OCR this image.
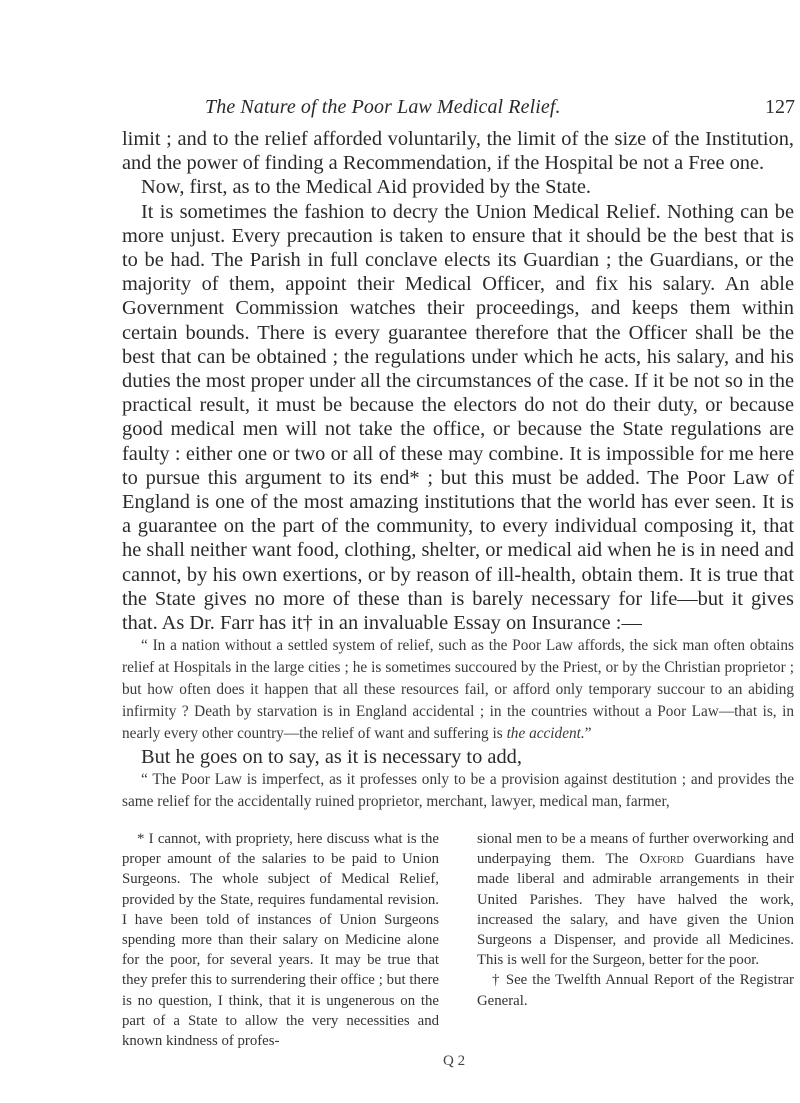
The Nature of the Poor Law Medical Relief.	127

limit ; and to the relief afforded voluntarily, the limit of the size of the Institution, and the power of finding a Recommendation, if the Hospital be not a Free one.

Now, first, as to the Medical Aid provided by the State.

It is sometimes the fashion to decry the Union Medical Relief. Nothing can be more unjust. Every precaution is taken to ensure that it should be the best that is to be had. The Parish in full conclave elects its Guardian ; the Guardians, or the majority of them, appoint their Medical Officer, and fix his salary. An able Government Commission watches their proceedings, and keeps them within certain bounds. There is every guarantee therefore that the Officer shall be the best that can be obtained ; the regulations under which he acts, his salary, and his duties the most proper under all the circumstances of the case. If it be not so in the practical result, it must be because the electors do not do their duty, or because good medical men will not take the office, or because the State regulations are faulty : either one or two or all of these may combine. It is impossible for me here to pursue this argument to its end* ; but this must be added. The Poor Law of England is one of the most amazing institutions that the world has ever seen. It is a guarantee on the part of the community, to every individual composing it, that he shall neither want food, clothing, shelter, or medical aid when he is in need and cannot, by his own exertions, or by reason of ill-health, obtain them. It is true that the State gives no more of these than is barely necessary for life—but it gives that. As Dr. Farr has it† in an invaluable Essay on Insurance :—

“ In a nation without a settled system of relief, such as the Poor Law affords, the sick man often obtains relief at Hospitals in the large cities ; he is sometimes succoured by the Priest, or by the Christian proprietor ; but how often does it happen that all these resources fail, or afford only temporary succour to an abiding infirmity ? Death by starvation is in England accidental ; in the countries without a Poor Law—that is, in nearly every other country—the relief of want and suffering is the accident.”

But he goes on to say, as it is necessary to add,

“ The Poor Law is imperfect, as it professes only to be a provision against destitution ; and provides the same relief for the accidentally ruined proprietor, merchant, lawyer, medical man, farmer,

* I cannot, with propriety, here discuss what is the proper amount of the salaries to be paid to Union Surgeons. The whole subject of Medical Relief, provided by the State, requires fundamental revision. I have been told of instances of Union Surgeons spending more than their salary on Medicine alone for the poor, for several years. It may be true that they prefer this to surrendering their office ; but there is no question, I think, that it is ungenerous on the part of a State to allow the very necessities and known kindness of profes-

sional men to be a means of further overworking and underpaying them. The Oxford Guardians have made liberal and admirable arrangements in their United Parishes. They have halved the work, increased the salary, and have given the Union Surgeons a Dispenser, and provide all Medicines. This is well for the Surgeon, better for the poor.

† See the Twelfth Annual Report of the Registrar General.

Q 2
